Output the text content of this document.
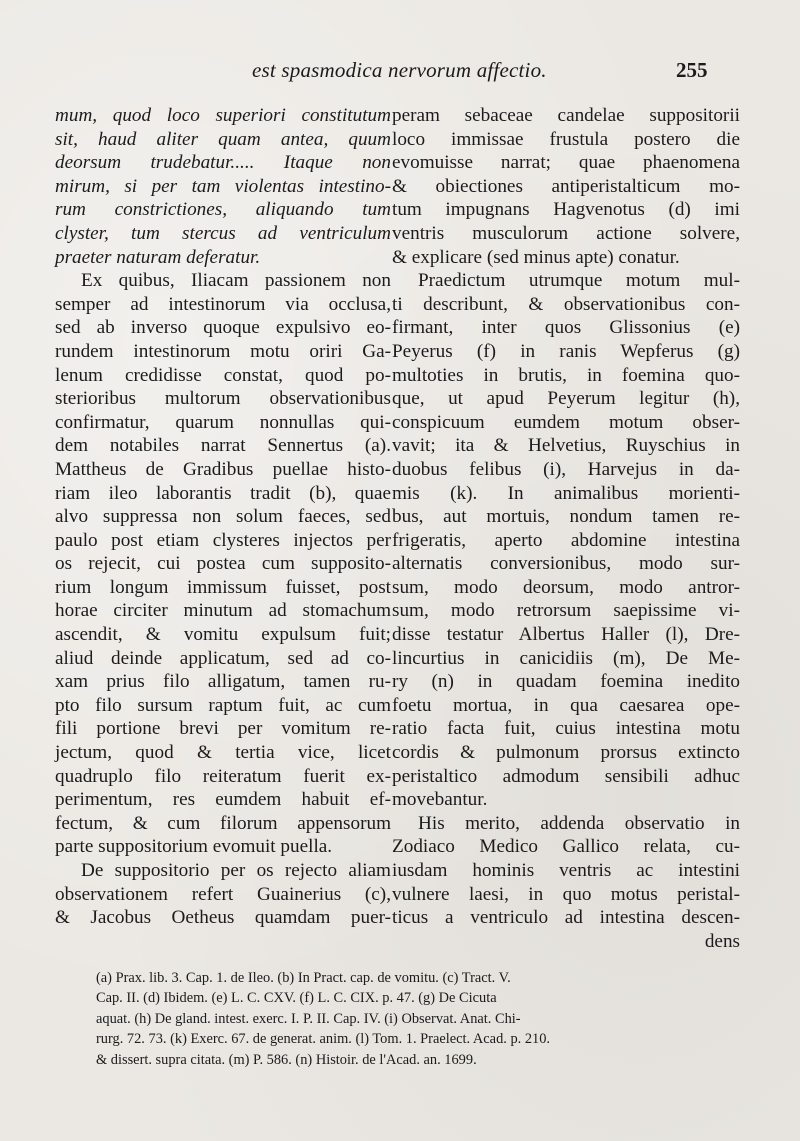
est spasmodica nervorum affectio.	255
mum, quod loco superiori constitutum
sit, haud aliter quam antea, quum
deorsum trudebatur..... Itaque non
mirum, si per tam violentas intestino-
rum constrictiones, aliquando tum
clyster, tum stercus ad ventriculum
praeter naturam deferatur.
Ex quibus, Iliacam passionem non
semper ad intestinorum via occlusa,
sed ab inverso quoque expulsivo eo-
rundem intestinorum motu oriri Ga-
lenum credidisse constat, quod po-
sterioribus multorum observationibus
confirmatur, quarum nonnullas qui-
dem notabiles narrat Sennertus (a).
Mattheus de Gradibus puellae histo-
riam ileo laborantis tradit (b), quae
alvo suppressa non solum faeces, sed
paulo post etiam clysteres injectos per
os rejecit, cui postea cum supposito-
rium longum immissum fuisset, post
horae circiter minutum ad stomachum
ascendit, & vomitu expulsum fuit;
aliud deinde applicatum, sed ad co-
xam prius filo alligatum, tamen ru-
pto filo sursum raptum fuit, ac cum
fili portione brevi per vomitum re-
jectum, quod & tertia vice, licet
quadruplo filo reiteratum fuerit ex-
perimentum, res eumdem habuit ef-
fectum, & cum filorum appensorum
parte suppositorium evomuit puella.
De suppositorio per os rejecto aliam
observationem refert Guainerius (c),
& Jacobus Oetheus quamdam puer-
peram sebaceae candelae suppositorii
loco immissae frustula postero die
evomuisse narrat; quae phaenomena
& obiectiones antiperistalticum mo-
tum impugnans Hagvenotus (d) imi
ventris musculorum actione solvere,
& explicare (sed minus apte) conatur.
Praedictum utrumque motum mul-
ti describunt, & observationibus con-
firmant, inter quos Glissonius (e)
Peyerus (f) in ranis Wepferus (g)
multoties in brutis, in foemina quo-
que, ut apud Peyerum legitur (h),
conspicuum eumdem motum obser-
vavit; ita & Helvetius, Ruyschius in
duobus felibus (i), Harvejus in da-
mis (k). In animalibus morienti-
bus, aut mortuis, nondum tamen re-
frigeratis, aperto abdomine intestina
alternatis conversionibus, modo sur-
sum, modo deorsum, modo antror-
sum, modo retrorsum saepissime vi-
disse testatur Albertus Haller (l), Dre-
lincurtius in canicidiis (m), De Me-
ry (n) in quadam foemina inedito
foetu mortua, in qua caesarea ope-
ratio facta fuit, cuius intestina motu
cordis & pulmonum prorsus extincto
peristaltico admodum sensibili adhuc
movebantur.
His merito, addenda observatio in
Zodiaco Medico Gallico relata, cu-
iusdam hominis ventris ac intestini
vulnere laesi, in quo motus peristal-
ticus a ventriculo ad intestina descen-
dens
(a) Prax. lib. 3. Cap. 1. de Ileo. (b) In Pract. cap. de vomitu. (c) Tract. V.
Cap. II. (d) Ibidem. (e) L. C. CXV. (f) L. C. CIX. p. 47. (g) De Cicuta
aquat. (h) De gland. intest. exerc. I. P. II. Cap. IV. (i) Observat. Anat. Chi-
rurg. 72. 73. (k) Exerc. 67. de generat. anim. (l) Tom. 1. Praelect. Acad. p. 210.
& dissert. supra citata. (m) P. 586. (n) Histoir. de l'Acad. an. 1699.
